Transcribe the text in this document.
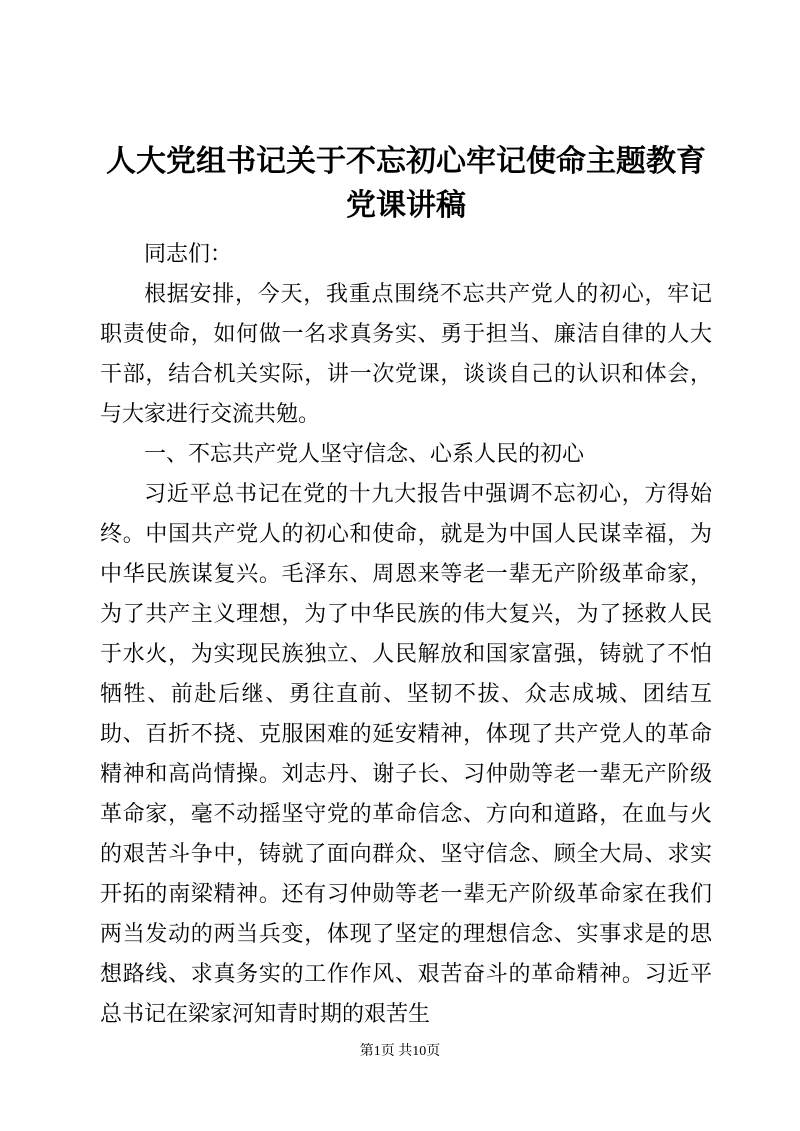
人大党组书记关于不忘初心牢记使命主题教育党课讲稿

同志们：

根据安排，今天，我重点围绕不忘共产党人的初心，牢记职责使命，如何做一名求真务实、勇于担当、廉洁自律的人大干部，结合机关实际，讲一次党课，谈谈自己的认识和体会，与大家进行交流共勉。

一、不忘共产党人坚守信念、心系人民的初心

习近平总书记在党的十九大报告中强调不忘初心，方得始终。中国共产党人的初心和使命，就是为中国人民谋幸福，为中华民族谋复兴。毛泽东、周恩来等老一辈无产阶级革命家，为了共产主义理想，为了中华民族的伟大复兴，为了拯救人民于水火，为实现民族独立、人民解放和国家富强，铸就了不怕牺牲、前赴后继、勇往直前、坚韧不拔、众志成城、团结互助、百折不挠、克服困难的延安精神，体现了共产党人的革命精神和高尚情操。刘志丹、谢子长、习仲勋等老一辈无产阶级革命家，毫不动摇坚守党的革命信念、方向和道路，在血与火的艰苦斗争中，铸就了面向群众、坚守信念、顾全大局、求实开拓的南梁精神。还有习仲勋等老一辈无产阶级革命家在我们两当发动的两当兵变，体现了坚定的理想信念、实事求是的思想路线、求真务实的工作作风、艰苦奋斗的革命精神。习近平总书记在梁家河知青时期的艰苦生

第1页 共10页
